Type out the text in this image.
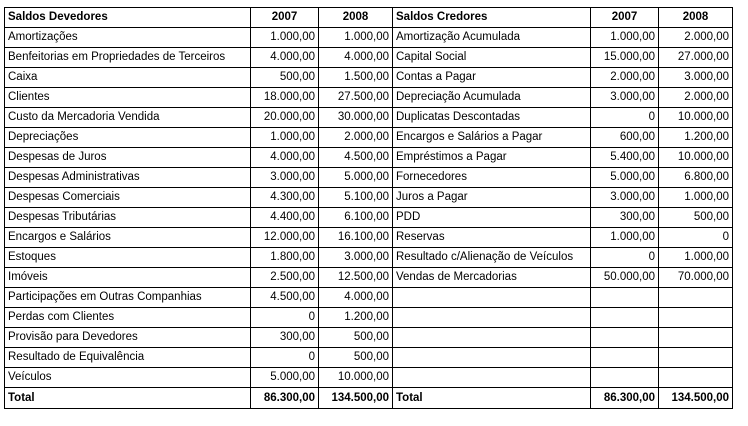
Saldos Devedores	2007	2008	Saldos Credores	2007	2008
Amortizações	1.000,00	1.000,00	Amortização Acumulada	1.000,00	2.000,00
Benfeitorias em Propriedades de Terceiros	4.000,00	4.000,00	Capital Social	15.000,00	27.000,00
Caixa	500,00	1.500,00	Contas a Pagar	2.000,00	3.000,00
Clientes	18.000,00	27.500,00	Depreciação Acumulada	3.000,00	2.000,00
Custo da Mercadoria Vendida	20.000,00	30.000,00	Duplicatas Descontadas	0	10.000,00
Depreciações	1.000,00	2.000,00	Encargos e Salários a Pagar	600,00	1.200,00
Despesas de Juros	4.000,00	4.500,00	Empréstimos a Pagar	5.400,00	10.000,00
Despesas Administrativas	3.000,00	5.000,00	Fornecedores	5.000,00	6.800,00
Despesas Comerciais	4.300,00	5.100,00	Juros a Pagar	3.000,00	1.000,00
Despesas Tributárias	4.400,00	6.100,00	PDD	300,00	500,00
Encargos e Salários	12.000,00	16.100,00	Reservas	1.000,00	0
Estoques	1.800,00	3.000,00	Resultado c/Alienação de Veículos	0	1.000,00
Imóveis	2.500,00	12.500,00	Vendas de Mercadorias	50.000,00	70.000,00
Participações em Outras Companhias	4.500,00	4.000,00			
Perdas com Clientes	0	1.200,00			
Provisão para Devedores	300,00	500,00			
Resultado de Equivalência	0	500,00			
Veículos	5.000,00	10.000,00			
Total	86.300,00	134.500,00	Total	86.300,00	134.500,00
